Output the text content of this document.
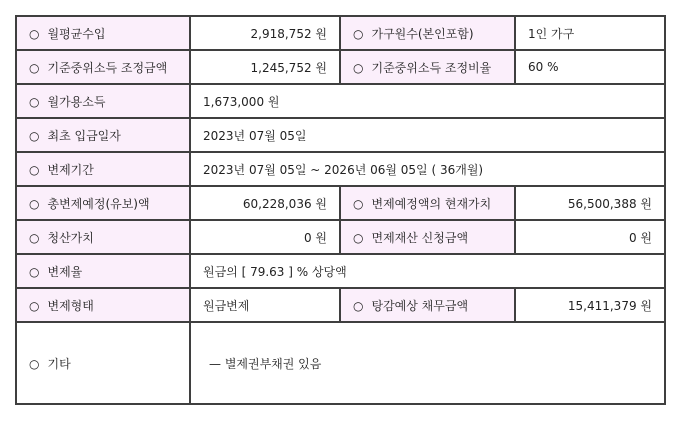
○ 월평균수입	2,918,752 원	○ 가구원수(본인포함)	1인 가구
○ 기준중위소득 조정금액	1,245,752 원	○ 기준중위소득 조정비율	60 %
○ 월가용소득	1,673,000 원		
○ 최초 입금일자	2023년 07월 05일		
○ 변제기간	2023년 07월 05일 ~ 2026년 06월 05일 ( 36개월)		
○ 총변제예정(유보)액	60,228,036 원	○ 변제예정액의 현재가치	56,500,388 원
○ 청산가치	0 원	○ 면제재산 신청금액	0 원
○ 변제율	원금의 [ 79.63 ] % 상당액		
○ 변제형태	원금변제	○ 탕감예상 채무금액	15,411,379 원
○ 기타	— 별제권부채권 있음		
